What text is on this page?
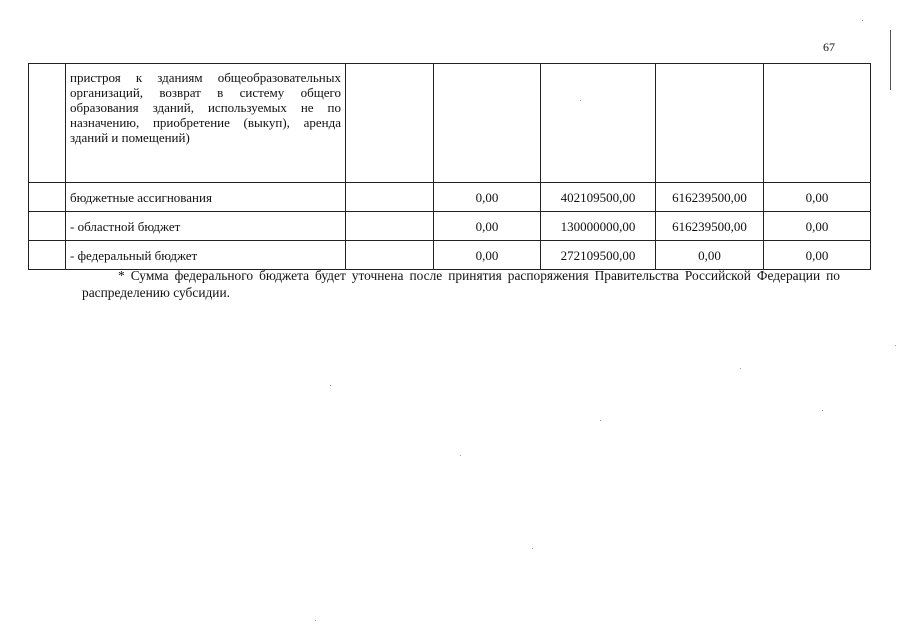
67
	пристроя к зданиям общеобразовательных организаций, возврат в систему общего образования зданий, используемых не по назначению, приобретение (выкуп), аренда зданий и помещений)					
	бюджетные ассигнования		0,00	402109500,00	616239500,00	0,00
	- областной бюджет		0,00	130000000,00	616239500,00	0,00
	- федеральный бюджет		0,00	272109500,00	0,00	0,00
* Сумма федерального бюджета будет уточнена после принятия распоряжения Правительства Российской Федерации по распределению субсидии.
